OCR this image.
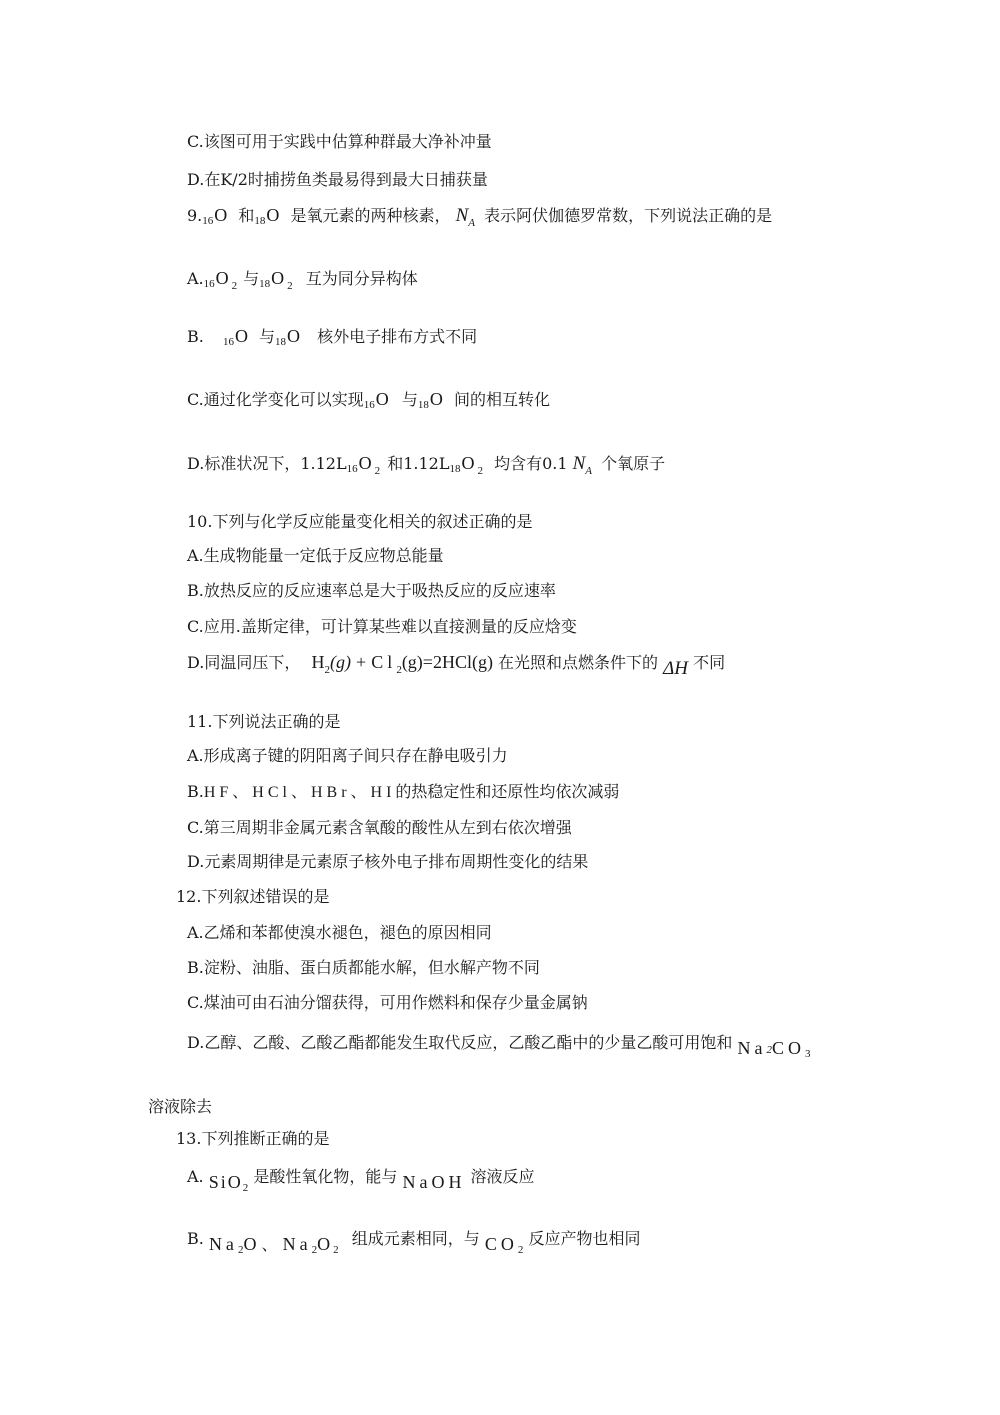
C.该图可用于实践中估算种群最大净补冲量
D.在K/2时捕捞鱼类最易得到最大日捕获量
9.16O 和18O 是氧元素的两种核素， $N_A$ 表示阿伏伽德罗常数，下列说法正确的是
A.16O $_2$ 与18O $_2$ 互为同分异构体
B. 16O 与18O 核外电子排布方式不同
C.通过化学变化可以实现16O 与18O 间的相互转化
D.标准状况下，1.12L16O $_2$ 和1.12L18O $_2$ 均含有0.1 $N_A$ 个氧原子
10.下列与化学反应能量变化相关的叙述正确的是
A.生成物能量一定低于反应物总能量
B.放热反应的反应速率总是大于吸热反应的反应速率
C.应用.盖斯定律，可计算某些难以直接测量的反应焓变
D.同温同压下， $H_2(g) + Cl_2(g)=2HCl(g)$ 在光照和点燃条件下的 ΔH 不同
11.下列说法正确的是
A.形成离子键的阴阳离子间只存在静电吸引力
B.HF、HCl、HBr、HI的热稳定性和还原性均依次减弱
C.第三周期非金属元素含氧酸的酸性从左到右依次增强
D.元素周期律是元素原子核外电子排布周期性变化的结果
12.下列叙述错误的是
A.乙烯和苯都使溴水褪色，褪色的原因相同
B.淀粉、油脂、蛋白质都能水解，但水解产物不同
C.煤油可由石油分馏获得，可用作燃料和保存少量金属钠
D.乙醇、乙酸、乙酸乙酯都能发生取代反应，乙酸乙酯中的少量乙酸可用饱和 $Na_2CO_3$
溶液除去
13.下列推断正确的是
A. SiO$_2$ 是酸性氧化物，能与 NaOH 溶液反应
B. $Na_2O$ 、 $Na_2O$ $_2$ 组成元素相同，与 $CO_2$ 反应产物也相同
